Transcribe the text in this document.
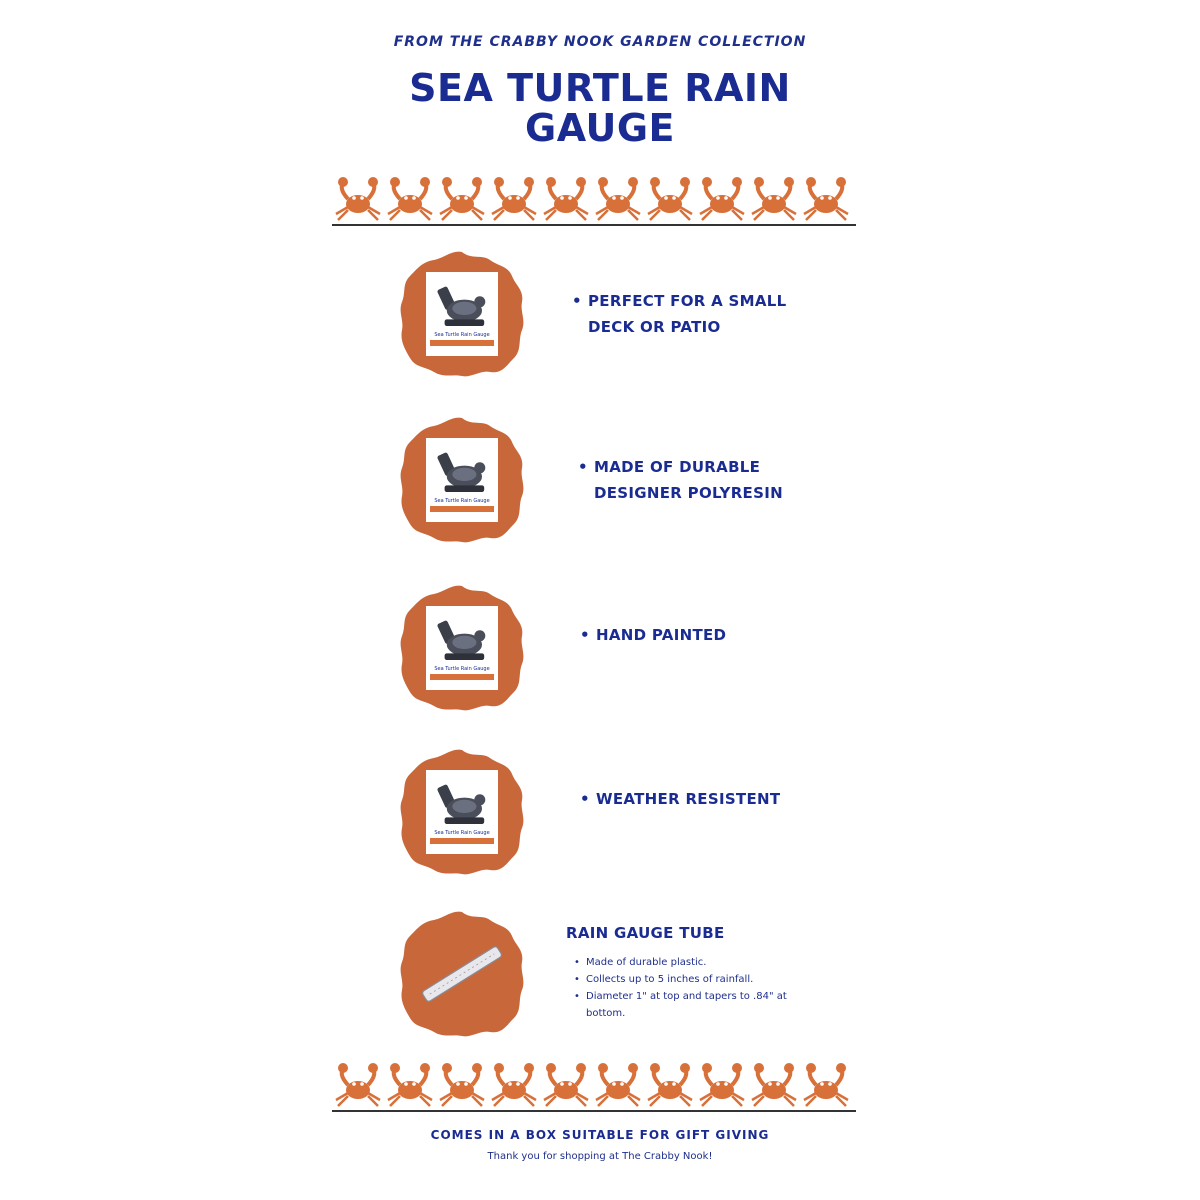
FROM THE CRABBY NOOK GARDEN COLLECTION
SEA TURTLE RAIN GAUGE
Sea Turtle Rain Gauge
• PERFECT FOR A SMALL
DECK OR PATIO
Sea Turtle Rain Gauge
• MADE OF DURABLE
DESIGNER POLYRESIN
Sea Turtle Rain Gauge
• HAND PAINTED
Sea Turtle Rain Gauge
• WEATHER RESISTENT
RAIN GAUGE TUBE
• Made of durable plastic.
• Collects up to 5 inches of rainfall.
• Diameter 1" at top and tapers to .84" at bottom.
COMES IN A BOX SUITABLE FOR GIFT GIVING
Thank you for shopping at The Crabby Nook!
